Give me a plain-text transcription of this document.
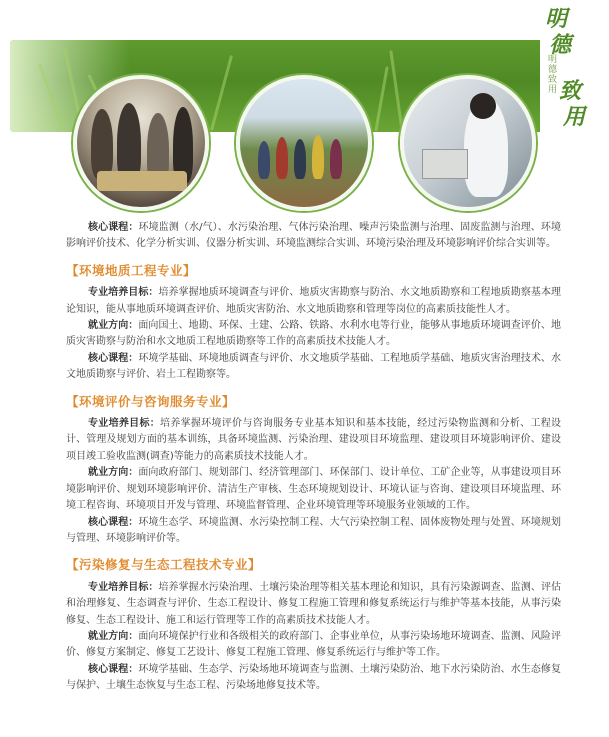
明
德
明德致用 致
用

核心课程：环境监测（水/气）、水污染治理、气体污染治理、噪声污染监测与治理、固废监测与治理、环境影响评价技术、化学分析实训、仪器分析实训、环境监测综合实训、环境污染治理及环境影响评价综合实训等。

【环境地质工程专业】

专业培养目标：培养掌握地质环境调查与评价、地质灾害勘察与防治、水文地质勘察和工程地质勘察基本理论知识，能从事地质环境调查评价、地质灾害防治、水文地质勘察和管理等岗位的高素质技能性人才。

就业方向：面向国土、地勘、环保、土建、公路、铁路、水利水电等行业，能够从事地质环境调查评价、地质灾害勘察与防治和水文地质工程地质勘察等工作的高素质技术技能人才。

核心课程：环境学基础、环境地质调查与评价、水文地质学基础、工程地质学基础、地质灾害治理技术、水文地质勘察与评价、岩土工程勘察等。

【环境评价与咨询服务专业】

专业培养目标：培养掌握环境评价与咨询服务专业基本知识和基本技能，经过污染物监测和分析、工程设计、管理及规划方面的基本训练，具备环境监测、污染治理、建设项目环境监理、建设项目环境影响评价、建设项目竣工验收监测(调查)等能力的高素质技术技能人才。

就业方向：面向政府部门、规划部门、经济管理部门、环保部门、设计单位、工矿企业等，从事建设项目环境影响评价、规划环境影响评价、清洁生产审核、生态环境规划设计、环境认证与咨询、建设项目环境监理、环境工程咨询、环境项目开发与管理、环境监督管理、企业环境管理等环境服务业领域的工作。

核心课程：环境生态学、环境监测、水污染控制工程、大气污染控制工程、固体废物处理与处置、环境规划与管理、环境影响评价等。

【污染修复与生态工程技术专业】

专业培养目标：培养掌握水污染治理、土壤污染治理等相关基本理论和知识，具有污染源调查、监测、评估和治理修复、生态调查与评价、生态工程设计、修复工程施工管理和修复系统运行与维护等基本技能，从事污染修复、生态工程设计、施工和运行管理等工作的高素质技术技能人才。

就业方向：面向环境保护行业和各级相关的政府部门、企事业单位，从事污染场地环境调查、监测、风险评价、修复方案制定、修复工艺设计、修复工程施工管理、修复系统运行与维护等工作。

核心课程：环境学基础、生态学、污染场地环境调查与监测、土壤污染防治、地下水污染防治、水生态修复与保护、土壤生态恢复与生态工程、污染场地修复技术等。
